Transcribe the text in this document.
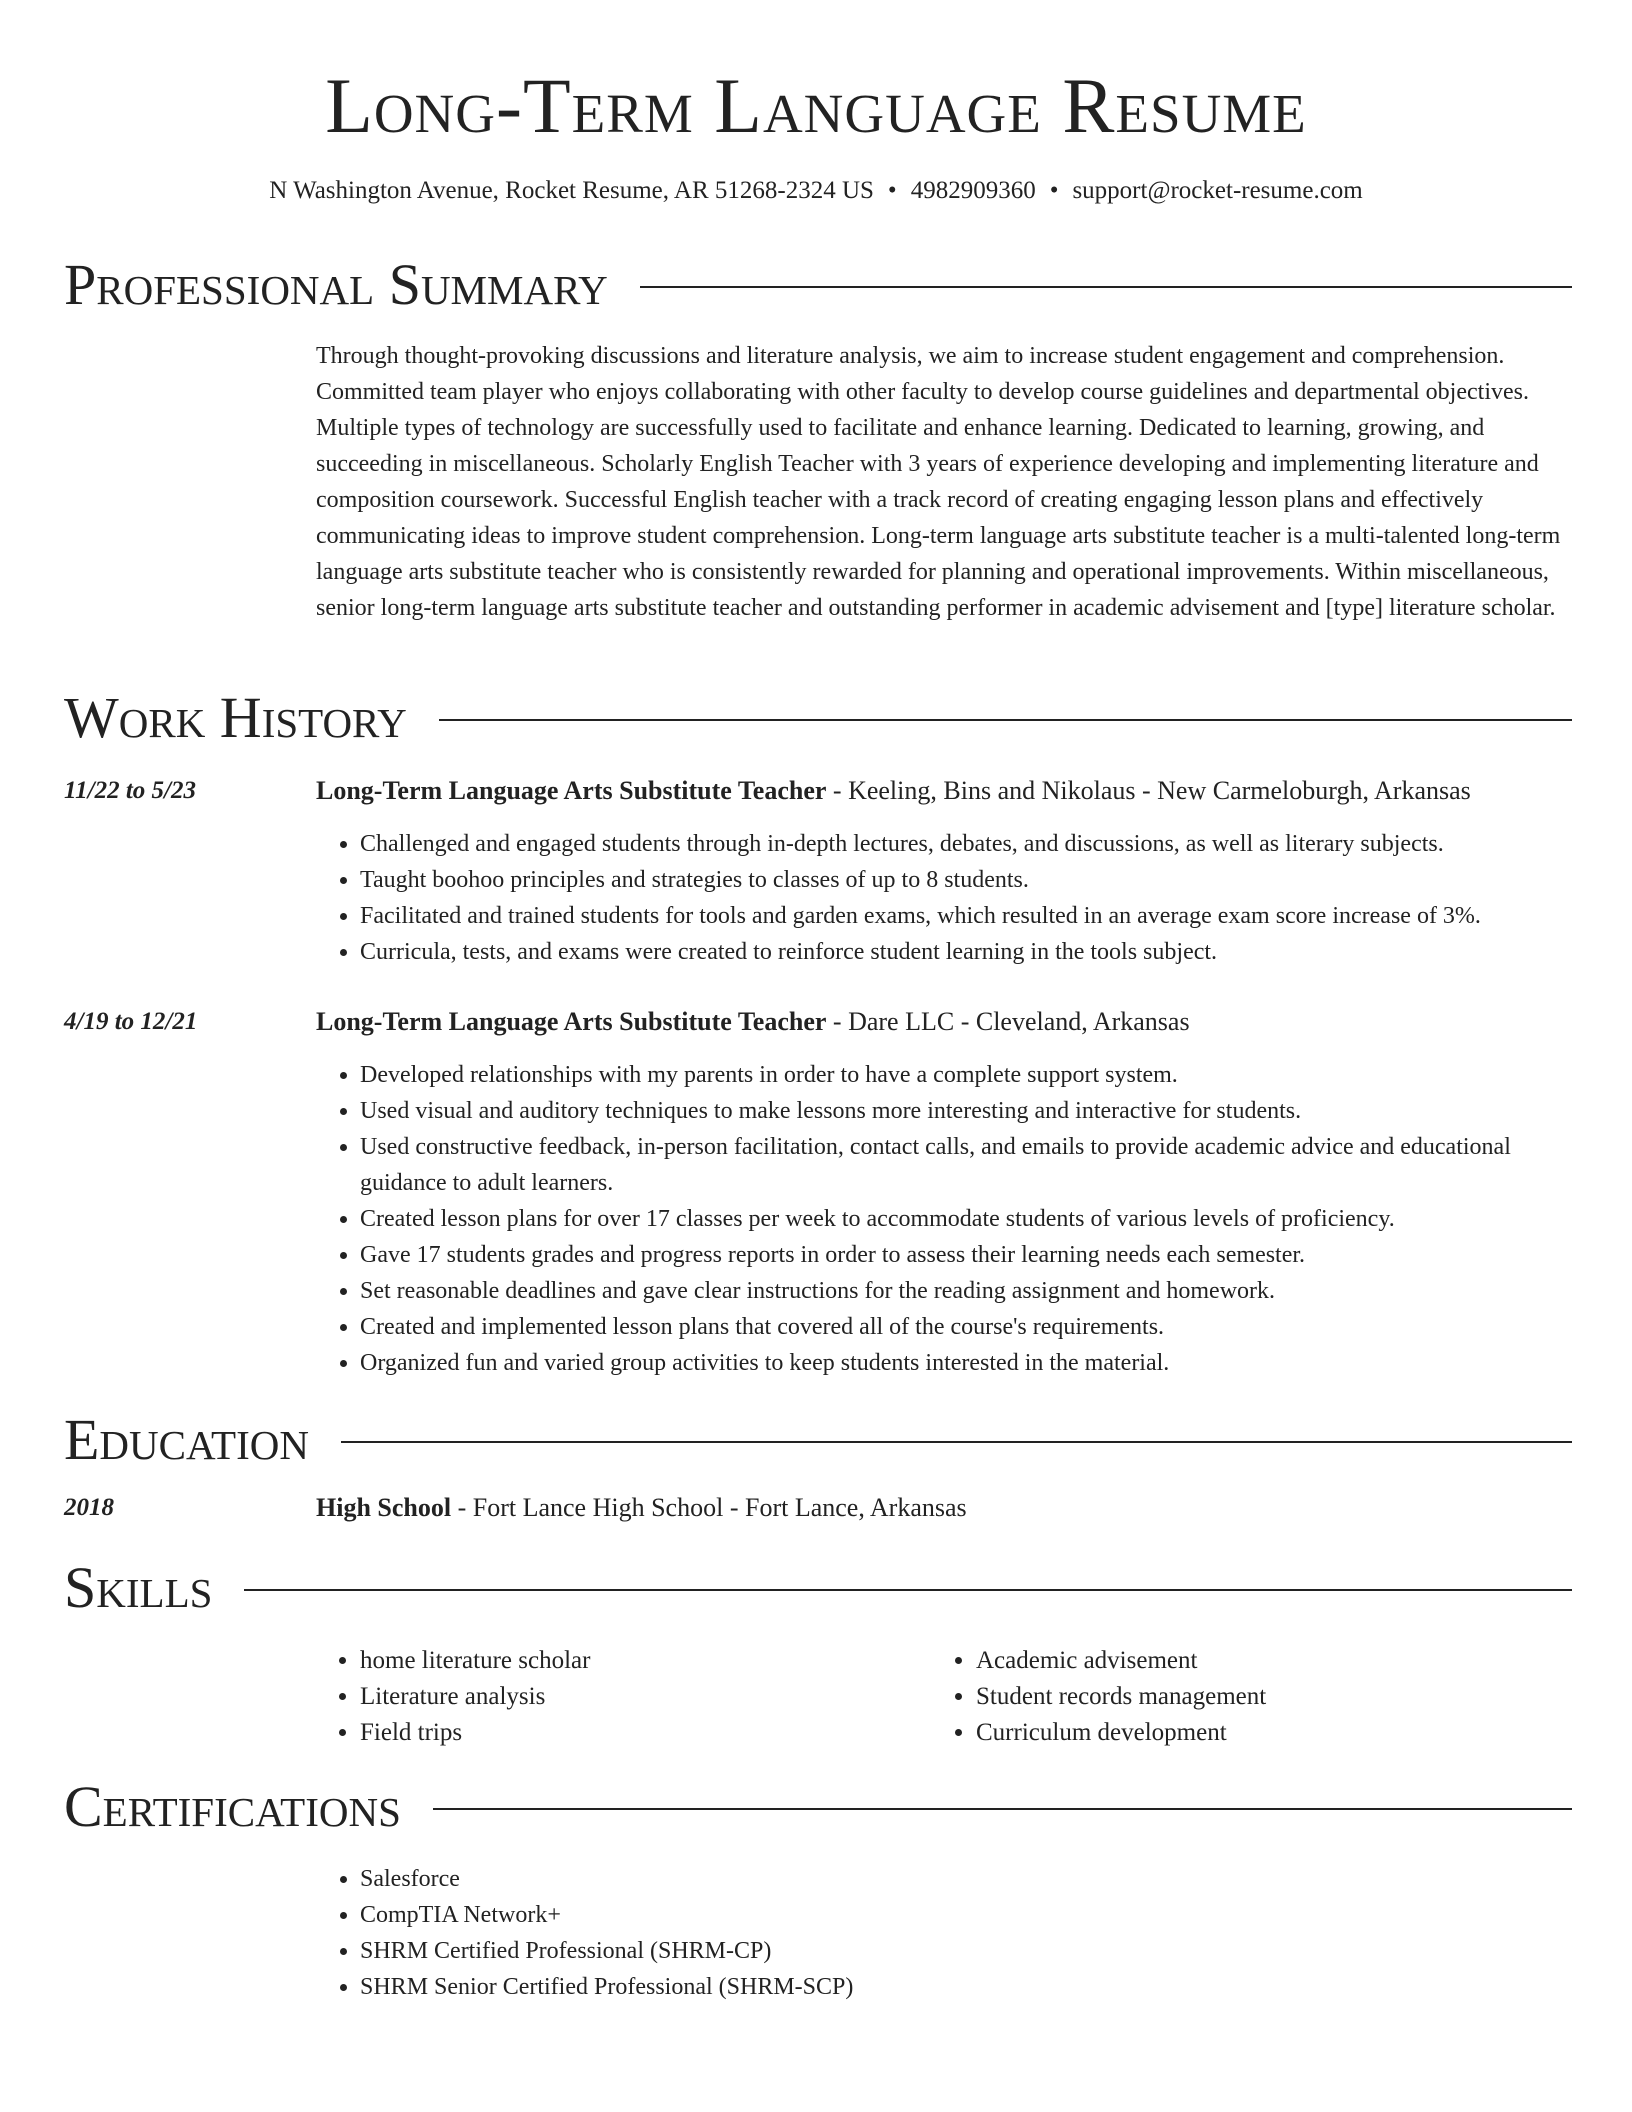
Long-Term Language Resume
N Washington Avenue, Rocket Resume, AR 51268-2324 US • 4982909360 • support@rocket-resume.com
Professional Summary

Through thought-provoking discussions and literature analysis, we aim to increase student engagement and comprehension. Committed team player who enjoys collaborating with other faculty to develop course guidelines and departmental objectives. Multiple types of technology are successfully used to facilitate and enhance learning. Dedicated to learning, growing, and succeeding in miscellaneous. Scholarly English Teacher with 3 years of experience developing and implementing literature and composition coursework. Successful English teacher with a track record of creating engaging lesson plans and effectively communicating ideas to improve student comprehension. Long-term language arts substitute teacher is a multi-talented long-term language arts substitute teacher who is consistently rewarded for planning and operational improvements. Within miscellaneous, senior long-term language arts substitute teacher and outstanding performer in academic advisement and [type] literature scholar.

Work History
11/22 to 5/23	Long-Term Language Arts Substitute Teacher - Keeling, Bins and Nikolaus - New Carmeloburgh, Arkansas
• Challenged and engaged students through in-depth lectures, debates, and discussions, as well as literary subjects.
• Taught boohoo principles and strategies to classes of up to 8 students.
• Facilitated and trained students for tools and garden exams, which resulted in an average exam score increase of 3%.
• Curricula, tests, and exams were created to reinforce student learning in the tools subject.
4/19 to 12/21	Long-Term Language Arts Substitute Teacher - Dare LLC - Cleveland, Arkansas
• Developed relationships with my parents in order to have a complete support system.
• Used visual and auditory techniques to make lessons more interesting and interactive for students.
• Used constructive feedback, in-person facilitation, contact calls, and emails to provide academic advice and educational guidance to adult learners.
• Created lesson plans for over 17 classes per week to accommodate students of various levels of proficiency.
• Gave 17 students grades and progress reports in order to assess their learning needs each semester.
• Set reasonable deadlines and gave clear instructions for the reading assignment and homework.
• Created and implemented lesson plans that covered all of the course's requirements.
• Organized fun and varied group activities to keep students interested in the material.
Education
2018	High School - Fort Lance High School - Fort Lance, Arkansas
Skills
• home literature scholar
• Literature analysis
• Field trips
• Academic advisement
• Student records management
• Curriculum development
Certifications
• Salesforce
• CompTIA Network+
• SHRM Certified Professional (SHRM-CP)
• SHRM Senior Certified Professional (SHRM-SCP)
